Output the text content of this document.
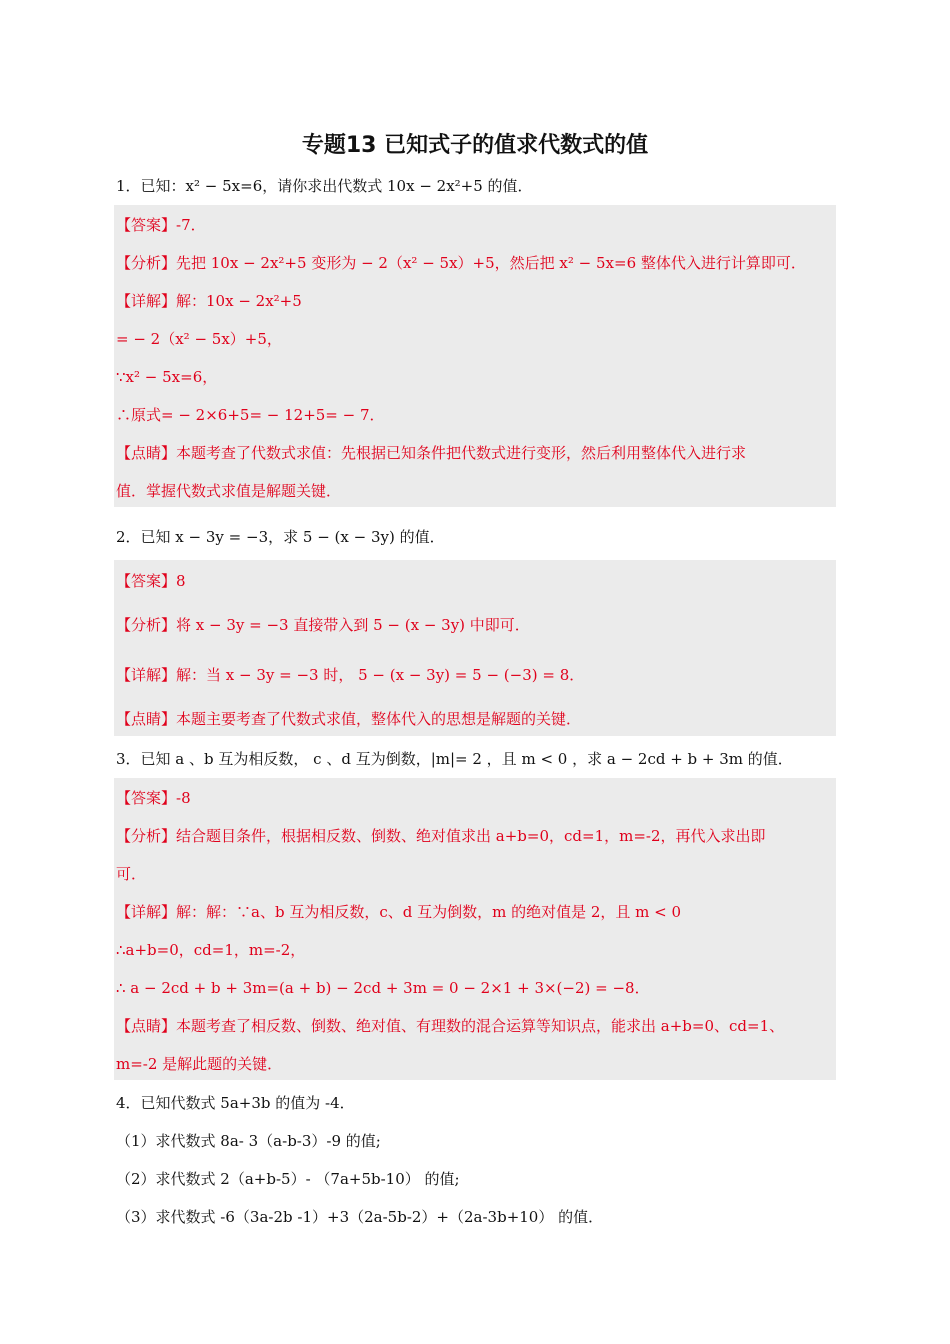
专题13 已知式子的值求代数式的值
1．已知：x² − 5x=6，请你求出代数式 10x − 2x²+5 的值．
【答案】-7．
【分析】先把 10x − 2x²+5 变形为 − 2（x² − 5x）+5，然后把 x² − 5x=6 整体代入进行计算即可．
【详解】解：10x − 2x²+5
= − 2（x² − 5x）+5，
∵x² − 5x=6，
∴原式= − 2×6+5= − 12+5= − 7．
【点睛】本题考查了代数式求值：先根据已知条件把代数式进行变形，然后利用整体代入进行求
值．掌握代数式求值是解题关键．
2．已知 x − 3y = −3，求 5 − (x − 3y) 的值．
【答案】8
【分析】将 x − 3y = −3 直接带入到 5 − (x − 3y) 中即可．
【详解】解：当 x − 3y = −3 时， 5 − (x − 3y) = 5 − (−3) = 8．
【点睛】本题主要考查了代数式求值，整体代入的思想是解题的关键．
3．已知 a 、b 互为相反数， c 、d 互为倒数，|m|= 2 ，且 m < 0 ，求 a − 2cd + b + 3m 的值．
【答案】-8
【分析】结合题目条件，根据相反数、倒数、绝对值求出 a+b=0，cd=1，m=-2，再代入求出即
可．
【详解】解：解：∵a、b 互为相反数，c、d 互为倒数，m 的绝对值是 2，且 m < 0
∴a+b=0，cd=1，m=-2，
∴ a − 2cd + b + 3m=(a + b) − 2cd + 3m = 0 − 2×1 + 3×(−2) = −8．
【点睛】本题考查了相反数、倒数、绝对值、有理数的混合运算等知识点，能求出 a+b=0、cd=1、
m=-2 是解此题的关键．
4．已知代数式 5a+3b 的值为 -4．
（1）求代数式 8a- 3（a-b-3）-9 的值;
（2）求代数式 2（a+b-5）- （7a+5b-10） 的值;
（3）求代数式 -6（3a-2b -1）+3（2a-5b-2）+（2a-3b+10） 的值．
